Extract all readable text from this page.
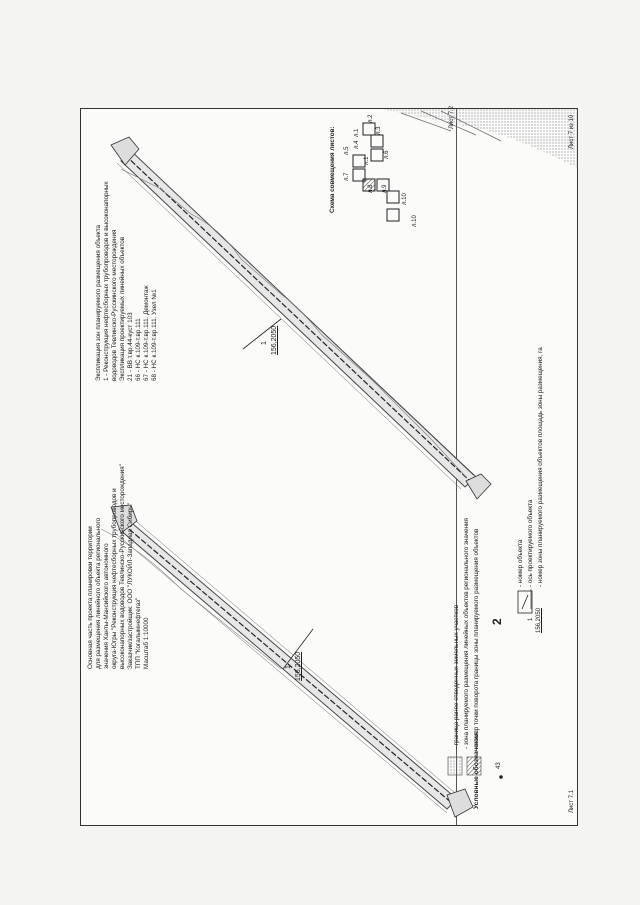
Основная часть проекта планировки территории для размещения линейного объекта регионального значения Ханты-Мансийского автономного округа-Югры "Реконструкция нефтесборных трубопроводов и высоконапорных водоводов Тевлинско-Русскинского месторождения" Заказчик/застройщик: ООО "ЛУКОЙЛ-Западная Сибирь" ТПП "Когалымнефтегаз" Масштаб 1:10000
Экспликация зон планируемого размещения объекта 1 - Реконструкция нефтесборных трубопроводов и высоконапорных водоводов Тевлинско-Русскинского месторождения Экспликация проектируемых линейных объектов 21 - ВВ т.вр.44-куст 103 66 - НС к.109-т.вр.111 67 - НС к.109-т.вр.111. Демонтаж 68 - НС к.109-т.вр.111. Узел №1
Схема совмещения листов:
л.2
л.3
л.4
л.5	л.6
л.1
л.7
л.8 л.9
л.10
л.10
л.1
1 156,2050
1 156,2050
Условные обозначения:
- граница ранее отведенных земельных участков - зона планируемого размещения линейных объектов регионального значения - номер точки поворота границы зоны планируемого размещения объектов
43
- номер объекта - ось проектируемого объекта - номер зоны планируемого размещения объектов площадь зоны размещения, га
2	1 156,2050
Лист 7.1
Лист 7 из 10
Лист 7.2
